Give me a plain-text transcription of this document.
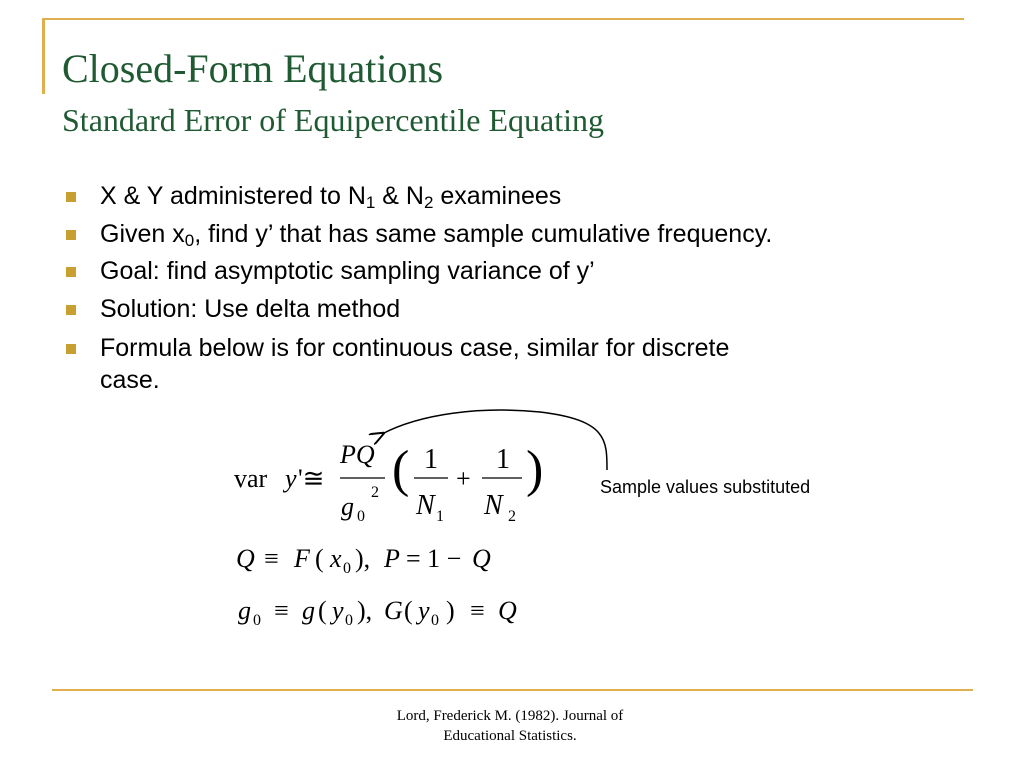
Closed-Form Equations
Standard Error of Equipercentile Equating
X & Y administered to $N_1$ & $N_2$ examinees
Given $x_0$, find y’ that has same sample cumulative frequency.
Goal: find asymptotic sampling variance of y’
Solution: Use delta method
Formula below is for continuous case, similar for discrete
case.
var y '≅
PQ
g 0
2 ( 1
N 1
+
1
N 2
)
Q ≡ F ( x 0 ), P = 1 − Q
g 0 ≡ g ( y 0 ), G ( y 0 ) ≡ Q
Sample values substituted
Lord, Frederick M. (1982). Journal of
Educational Statistics.
